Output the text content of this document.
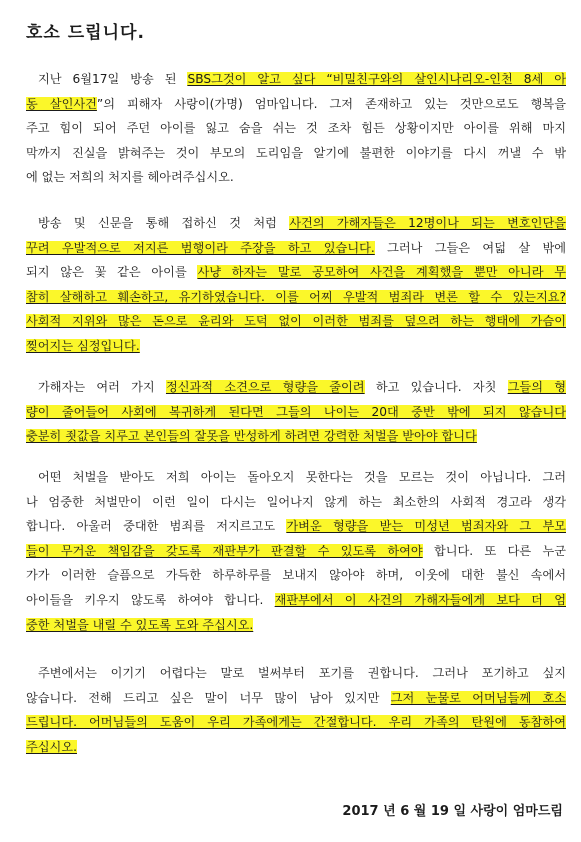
호소 드립니다.
지난 6월17일 방송 된 SBS그것이 알고 싶다 “비밀친구와의 살인시나리오-인천 8세 아
동 살인사건”의 피해자 사랑이(가명) 엄마입니다. 그저 존재하고 있는 것만으로도 행복을
주고 힘이 되어 주던 아이를 잃고 숨을 쉬는 것 조차 힘든 상황이지만 아이를 위해 마지
막까지 진실을 밝혀주는 것이 부모의 도리임을 알기에 불편한 이야기를 다시 꺼낼 수 밖
에 없는 저희의 처지를 헤아려주십시오.
방송 및 신문을 통해 접하신 것 처럼 사건의 가해자들은 12명이나 되는 변호인단을
꾸려 우발적으로 저지른 범행이라 주장을 하고 있습니다. 그러나 그들은 여덟 살 밖에
되지 않은 꽃 같은 아이를 사냥 하자는 말로 공모하여 사건을 계획했을 뿐만 아니라 무
참히 살해하고 훼손하고, 유기하였습니다. 이를 어찌 우발적 범죄라 변론 할 수 있는지요?
사회적 지위와 많은 돈으로 윤리와 도덕 없이 이러한 범죄를 덮으려 하는 행태에 가슴이
찢어지는 심정입니다.
가해자는 여러 가지 정신과적 소견으로 형량을 줄이려 하고 있습니다. 자칫 그들의 형
량이 줄어들어 사회에 복귀하게 된다면 그들의 나이는 20대 중반 밖에 되지 않습니다
충분히 죗값을 치루고 본인들의 잘못을 반성하게 하려면 강력한 처벌을 받아야 합니다
어떤 처벌을 받아도 저희 아이는 돌아오지 못한다는 것을 모르는 것이 아닙니다. 그러
나 엄중한 처벌만이 이런 일이 다시는 일어나지 않게 하는 최소한의 사회적 경고라 생각
합니다. 아울러 중대한 범죄를 저지르고도 가벼운 형량을 받는 미성년 범죄자와 그 부모
들이 무거운 책임감을 갖도록 재판부가 판결할 수 있도록 하여야 합니다. 또 다른 누군
가가 이러한 슬픔으로 가득한 하루하루를 보내지 않아야 하며, 이웃에 대한 불신 속에서
아이들을 키우지 않도록 하여야 합니다. 재판부에서 이 사건의 가해자들에게 보다 더 엄
중한 처벌을 내릴 수 있도록 도와 주십시오.
주변에서는 이기기 어렵다는 말로 벌써부터 포기를 권합니다. 그러나 포기하고 싶지
않습니다. 전해 드리고 싶은 말이 너무 많이 남아 있지만 그저 눈물로 어머님들께 호소
드립니다. 어머님들의 도움이 우리 가족에게는 간절합니다. 우리 가족의 탄원에 동참하여
주십시오.
2017 년 6 월 19 일 사랑이 엄마드림
